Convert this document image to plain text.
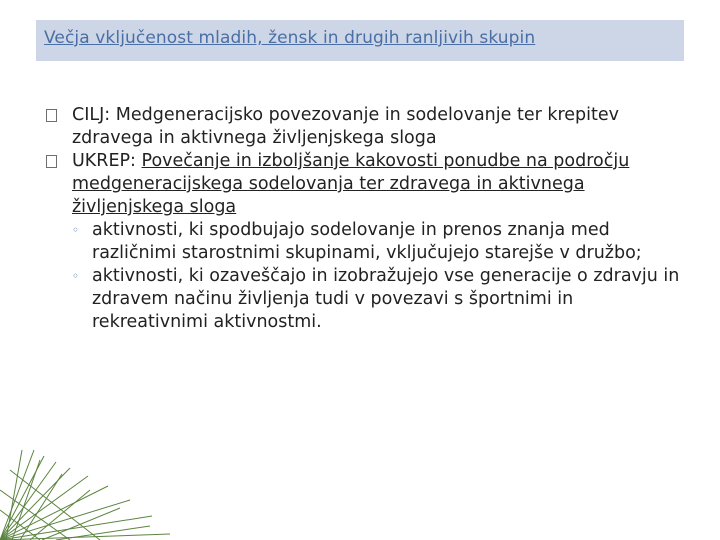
Večja vključenost mladih, žensk in drugih ranljivih skupin
CILJ: Medgeneracijsko povezovanje in sodelovanje ter krepitev zdravega in aktivnega življenjskega sloga
UKREP: Povečanje in izboljšanje kakovosti ponudbe na področju medgeneracijskega sodelovanja ter zdravega in aktivnega življenjskega sloga
◦ aktivnosti, ki spodbujajo sodelovanje in prenos znanja med različnimi starostnimi skupinami, vključujejo starejše v družbo;
◦ aktivnosti, ki ozaveščajo in izobražujejo vse generacije o zdravju in zdravem načinu življenja tudi v povezavi s športnimi in rekreativnimi aktivnostmi.
